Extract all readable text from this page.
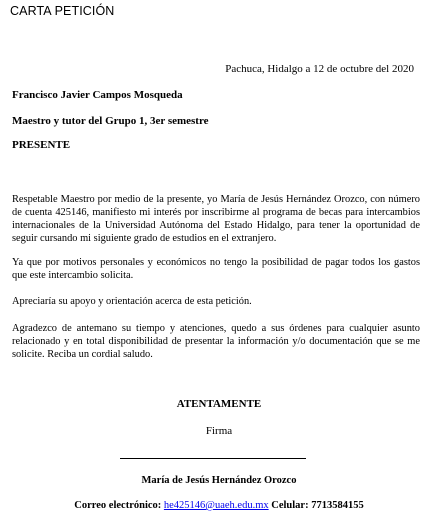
CARTA PETICIÓN
Pachuca, Hidalgo a 12 de octubre del 2020
Francisco Javier Campos Mosqueda
Maestro y tutor del Grupo 1, 3er semestre
PRESENTE

Respetable Maestro por medio de la presente, yo María de Jesús Hernández Orozco, con número de cuenta 425146, manifiesto mi interés por inscribirme al programa de becas para intercambios internacionales de la Universidad Autónoma del Estado Hidalgo, para tener la oportunidad de seguir cursando mi siguiente grado de estudios en el extranjero.

Ya que por motivos personales y económicos no tengo la posibilidad de pagar todos los gastos que este intercambio solicita.

Apreciaría su apoyo y orientación acerca de esta petición.

Agradezco de antemano su tiempo y atenciones, quedo a sus órdenes para cualquier asunto relacionado y en total disponibilidad de presentar la información y/o documentación que se me solicite. Reciba un cordial saludo.

ATENTAMENTE
Firma
María de Jesús Hernández Orozco
Correo electrónico: he425146@uaeh.edu.mx Celular: 7713584155
